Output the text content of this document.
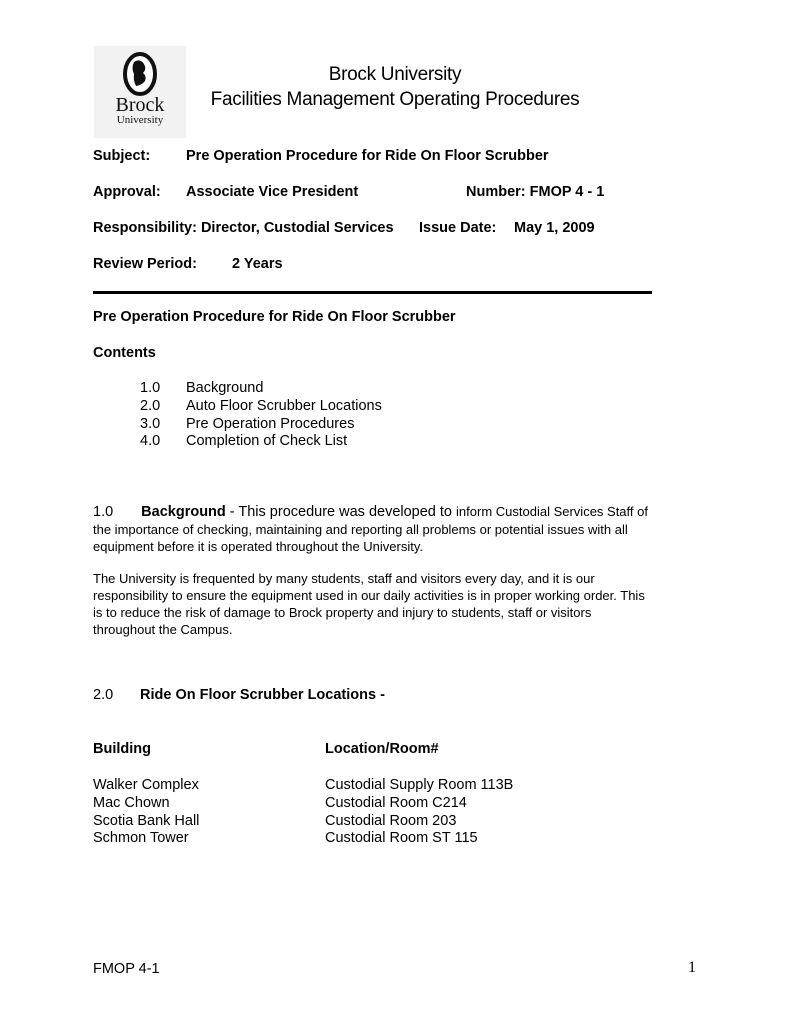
Brock
University
Brock University
Facilities Management Operating Procedures
Subject: Pre Operation Procedure for Ride On Floor Scrubber
Approval: Associate Vice President	Number: FMOP 4 - 1
Responsibility: Director, Custodial Services Issue Date: May 1, 2009
Review Period: 2 Years
Pre Operation Procedure for Ride On Floor Scrubber
Contents
1.0 Background
2.0 Auto Floor Scrubber Locations
3.0 Pre Operation Procedures
4.0 Completion of Check List
1.0 Background - This procedure was developed to inform Custodial Services Staff of
the importance of checking, maintaining and reporting all problems or potential issues with all
equipment before it is operated throughout the University.
The University is frequented by many students, staff and visitors every day, and it is our
responsibility to ensure the equipment used in our daily activities is in proper working order. This
is to reduce the risk of damage to Brock property and injury to students, staff or visitors
throughout the Campus.
2.0 Ride On Floor Scrubber Locations -
Building	Location/Room#
Walker Complex	Custodial Supply Room 113B
Mac Chown	Custodial Room C214
Scotia Bank Hall	Custodial Room 203
Schmon Tower	Custodial Room ST 115
FMOP 4-1	1
